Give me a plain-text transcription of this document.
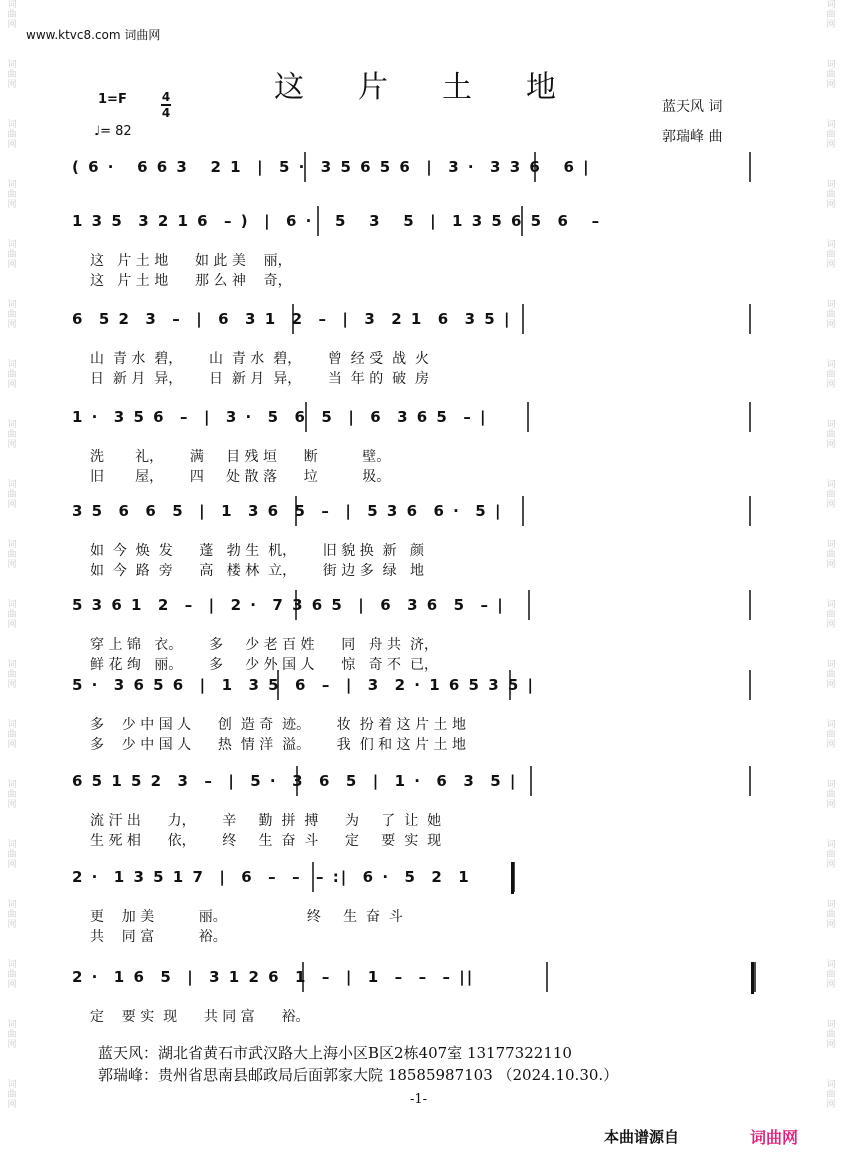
词
曲
网
词
曲
网
词
曲
网
词
曲
网
词
曲
网
词
曲
网
词
曲
网
词
曲
网
词
曲
网
词
曲
网
词
曲
网
词
曲
网
词
曲
网
词
曲
网
词
曲
网
词
曲
网
词
曲
网
词
曲
网
词
曲
网
词
曲
网
词
曲
网
词
曲
网
词
曲
网
词
曲
网
词
曲
网
词
曲
网
词
曲
网
词
曲
网
词
曲
网
词
曲
网
词
曲
网
词
曲
网
词
曲
网
词
曲
网
词
曲
网
词
曲
网
词
曲
网
词
曲
网
www.ktvc8.com 词曲网
这片土地
1=F	4
4
♩= 82
蓝天风 词
郭瑞峰 曲
( 6 ·   6 6 3   2 1  |  5 ·  3 5 6 5 6  |  3 ·  3 3 6   6 |
1 3 5  3 2 1 6  – )  |  6 ·   5   3   5  |  1 3 5 6 5  6   –
这   片 土 地      如 此 美    丽，
这   片 土 地      那 么 神    奇，
6  5 2  3  –  |  6  3 1  2  –  |  3  2 1  6  3 5 |
山  青 水  碧，      山  青 水  碧，      曾  经 受  战  火
日  新 月  异，      日  新 月  异，      当  年 的  破  房
1 ·  3 5 6  –  |  3 ·  5  6  5  |  6  3 6 5  – |
洗       礼，      满     目 残 垣      断          壁。
旧       屋，      四     处 散 落      垃          圾。
3 5  6  6  5  |  1  3 6  5  –  |  5 3 6  6 ·  5 |
如  今  焕  发      蓬   勃 生  机，      旧 貌 换  新   颜
如  今  路  旁      高   楼 林  立，      街 边 多  绿   地
5 3 6 1  2  –  |  2 ·  7 3 6 5  |  6  3 6  5  – |
穿 上 锦   衣。      多     少 老 百 姓      同   舟 共  济，
鲜 花 绚   丽。      多     少 外 国 人      惊   奇 不  已，
5 ·  3 6 5 6  |  1  3 5  6  –  |  3  2 · 1 6 5 3 5 |
多    少 中 国 人      创  造 奇  迹。      妆  扮 着 这 片 土 地
多    少 中 国 人      热  情 洋  溢。      我  们 和 这 片 土 地
6 5 1 5 2  3  –  |  5 ·  3  6  5  |  1 ·  6  3  5 |
流 汗 出      力，      辛     勤  拼  搏      为     了  让  她
生 死 相      依，      终     生  奋  斗      定     要  实  现
2 ·  1 3 5 1 7  |  6  –  –  – :|  6 ·  5  2  1
更    加 美          丽。                  终     生  奋  斗
共    同 富          裕。
2 ·  1 6  5  |  3 1 2 6  1  –  |  1  –  –  – ||
定    要 实  现      共 同 富      裕。
蓝天风：湖北省黄石市武汉路大上海小区B区2栋407室 13177322110
郭瑞峰：贵州省思南县邮政局后面郭家大院 18585987103 （2024.10.30.）
-1-
本曲谱源自	词曲网
